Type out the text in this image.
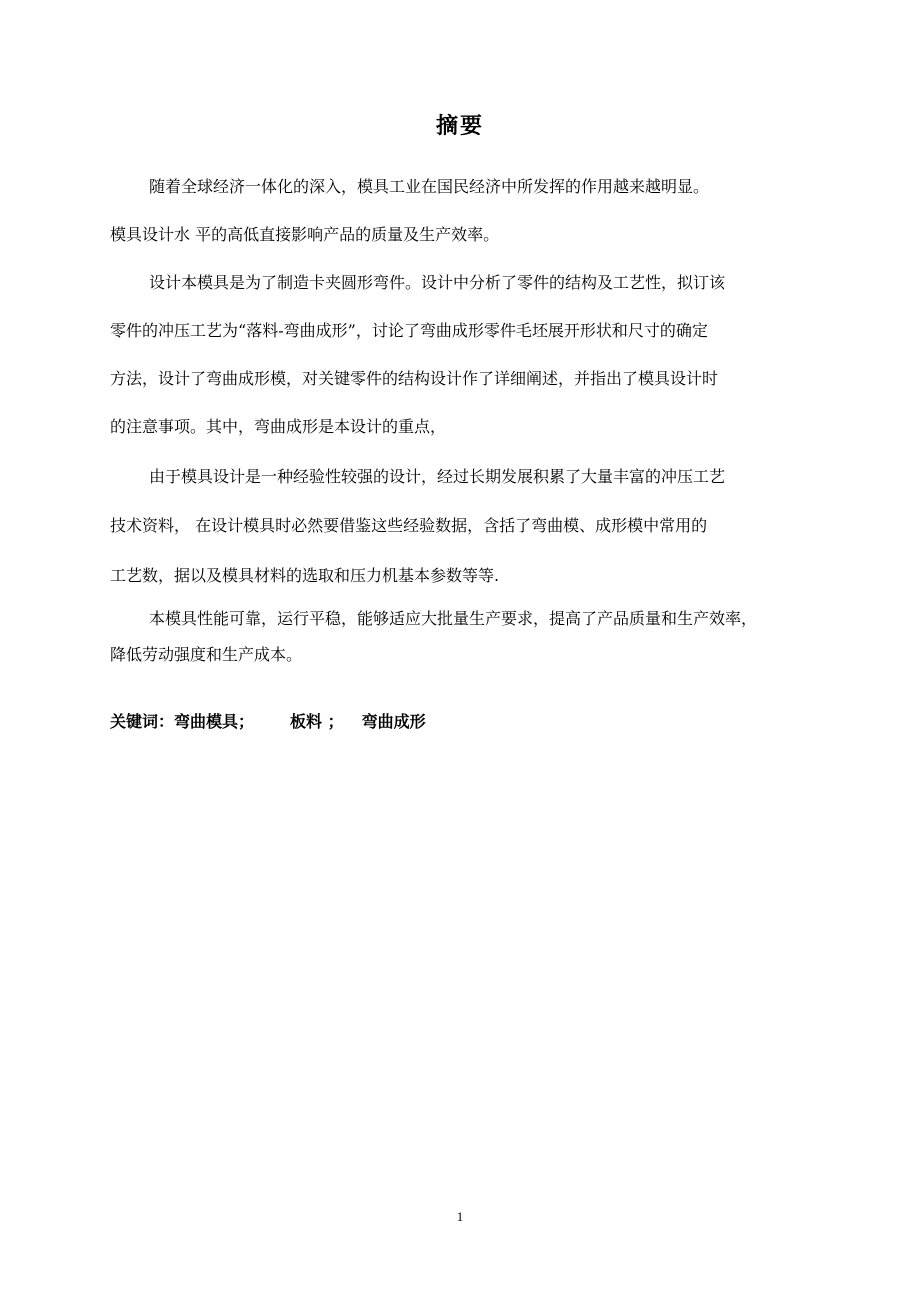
摘要
随着全球经济一体化的深入，模具工业在国民经济中所发挥的作用越来越明显。
模具设计水 平的高低直接影响产品的质量及生产效率。
设计本模具是为了制造卡夹圆形弯件。设计中分析了零件的结构及工艺性，拟订该
零件的冲压工艺为“落料-弯曲成形”，讨论了弯曲成形零件毛坯展开形状和尺寸的确定
方法，设计了弯曲成形模，对关键零件的结构设计作了详细阐述，并指出了模具设计时
的注意事项。其中，弯曲成形是本设计的重点，
由于模具设计是一种经验性较强的设计，经过长期发展积累了大量丰富的冲压工艺
技术资料， 在设计模具时必然要借鉴这些经验数据，含括了弯曲模、成形模中常用的
工艺数，据以及模具材料的选取和压力机基本参数等等.
本模具性能可靠，运行平稳，能够适应大批量生产要求，提高了产品质量和生产效率，
降低劳动强度和生产成本。
关键词：弯曲模具； 板料 ； 弯曲成形
1
